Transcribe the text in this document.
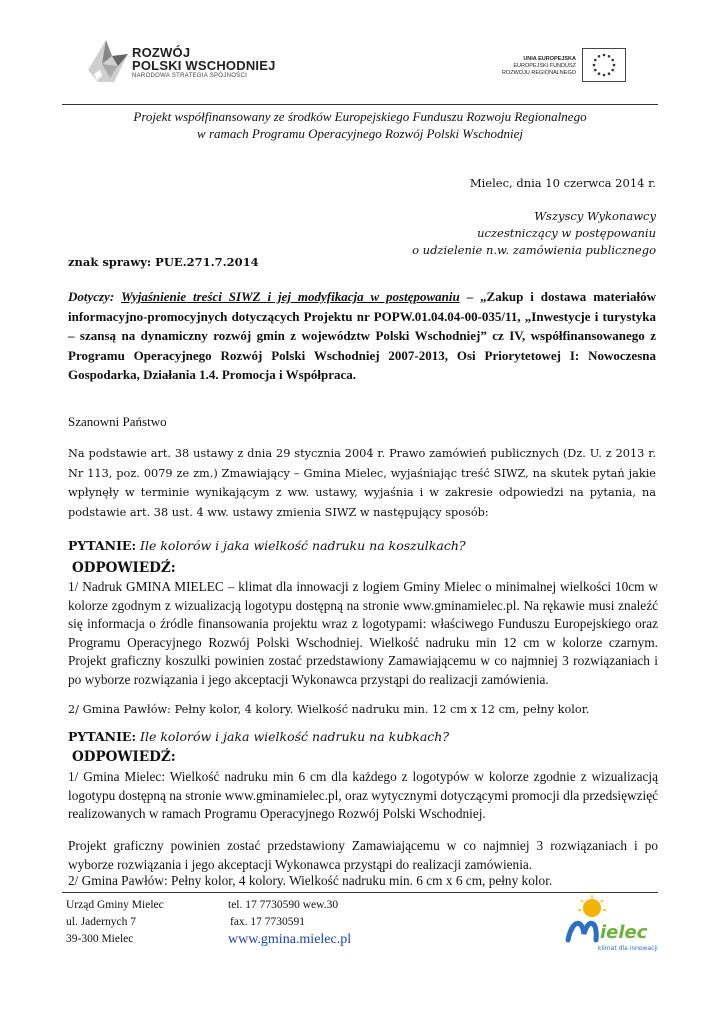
ROZWÓJ
POLSKI WSCHODNIEJ
NARODOWA STRATEGIA SPÓJNOŚCI
UNIA EUROPEJSKA
EUROPEJSKI FUNDUSZ
ROZWOJU REGIONALNEGO
Projekt współfinansowany ze środków Europejskiego Funduszu Rozwoju Regionalnego
w ramach Programu Operacyjnego Rozwój Polski Wschodniej
Mielec, dnia 10 czerwca 2014 r.
Wszyscy Wykonawcy
uczestniczący w postępowaniu
o udzielenie n.w. zamówienia publicznego
znak sprawy: PUE.271.7.2014
Dotyczy: Wyjaśnienie treści SIWZ i jej modyfikacja w postępowaniu – „Zakup i dostawa materiałów informacyjno-promocyjnych dotyczących Projektu nr POPW.01.04.04-00-035/11, „Inwestycje i turystyka – szansą na dynamiczny rozwój gmin z województw Polski Wschodniej” cz IV, współfinansowanego z Programu Operacyjnego Rozwój Polski Wschodniej 2007-2013, Osi Priorytetowej I: Nowoczesna Gospodarka, Działania 1.4. Promocja i Współpraca.
Szanowni Państwo
Na podstawie art. 38 ustawy z dnia 29 stycznia 2004 r. Prawo zamówień publicznych (Dz. U. z 2013 r. Nr 113, poz. 0079 ze zm.) Zmawiający – Gmina Mielec, wyjaśniając treść SIWZ, na skutek pytań jakie wpłynęły w terminie wynikającym z ww. ustawy, wyjaśnia i w zakresie odpowiedzi na pytania, na podstawie art. 38 ust. 4 ww. ustawy zmienia SIWZ w następujący sposób:
PYTANIE: Ile kolorów i jaka wielkość nadruku na koszulkach?
ODPOWIEDŹ:
1/ Nadruk GMINA MIELEC – klimat dla innowacji z logiem Gminy Mielec o minimalnej wielkości 10cm w kolorze zgodnym z wizualizacją logotypu dostępną na stronie www.gminamielec.pl. Na rękawie musi znaleźć się informacja o źródle finansowania projektu wraz z logotypami: właściwego Funduszu Europejskiego oraz Programu Operacyjnego Rozwój Polski Wschodniej. Wielkość nadruku min 12 cm w kolorze czarnym. Projekt graficzny koszulki powinien zostać przedstawiony Zamawiającemu w co najmniej 3 rozwiązaniach i po wyborze rozwiązania i jego akceptacji Wykonawca przystąpi do realizacji zamówienia.
2/ Gmina Pawłów: Pełny kolor, 4 kolory. Wielkość nadruku min. 12 cm x 12 cm, pełny kolor.
PYTANIE: Ile kolorów i jaka wielkość nadruku na kubkach?
ODPOWIEDŹ:
1/ Gmina Mielec: Wielkość nadruku min 6 cm dla każdego z logotypów w kolorze zgodnie z wizualizacją logotypu dostępną na stronie www.gminamielec.pl, oraz wytycznymi dotyczącymi promocji dla przedsięwzięć realizowanych w ramach Programu Operacyjnego Rozwój Polski Wschodniej.
Projekt graficzny powinien zostać przedstawiony Zamawiającemu w co najmniej 3 rozwiązaniach i po wyborze rozwiązania i jego akceptacji Wykonawca przystąpi do realizacji zamówienia.
2/ Gmina Pawłów: Pełny kolor, 4 kolory. Wielkość nadruku min. 6 cm x 6 cm, pełny kolor.
Urząd Gminy Mielec
ul. Jadernych 7
39-300 Mielec
tel. 17 7730590 wew.30
fax. 17 7730591
www.gmina.mielec.pl	ielec
klimat dla innowacji
